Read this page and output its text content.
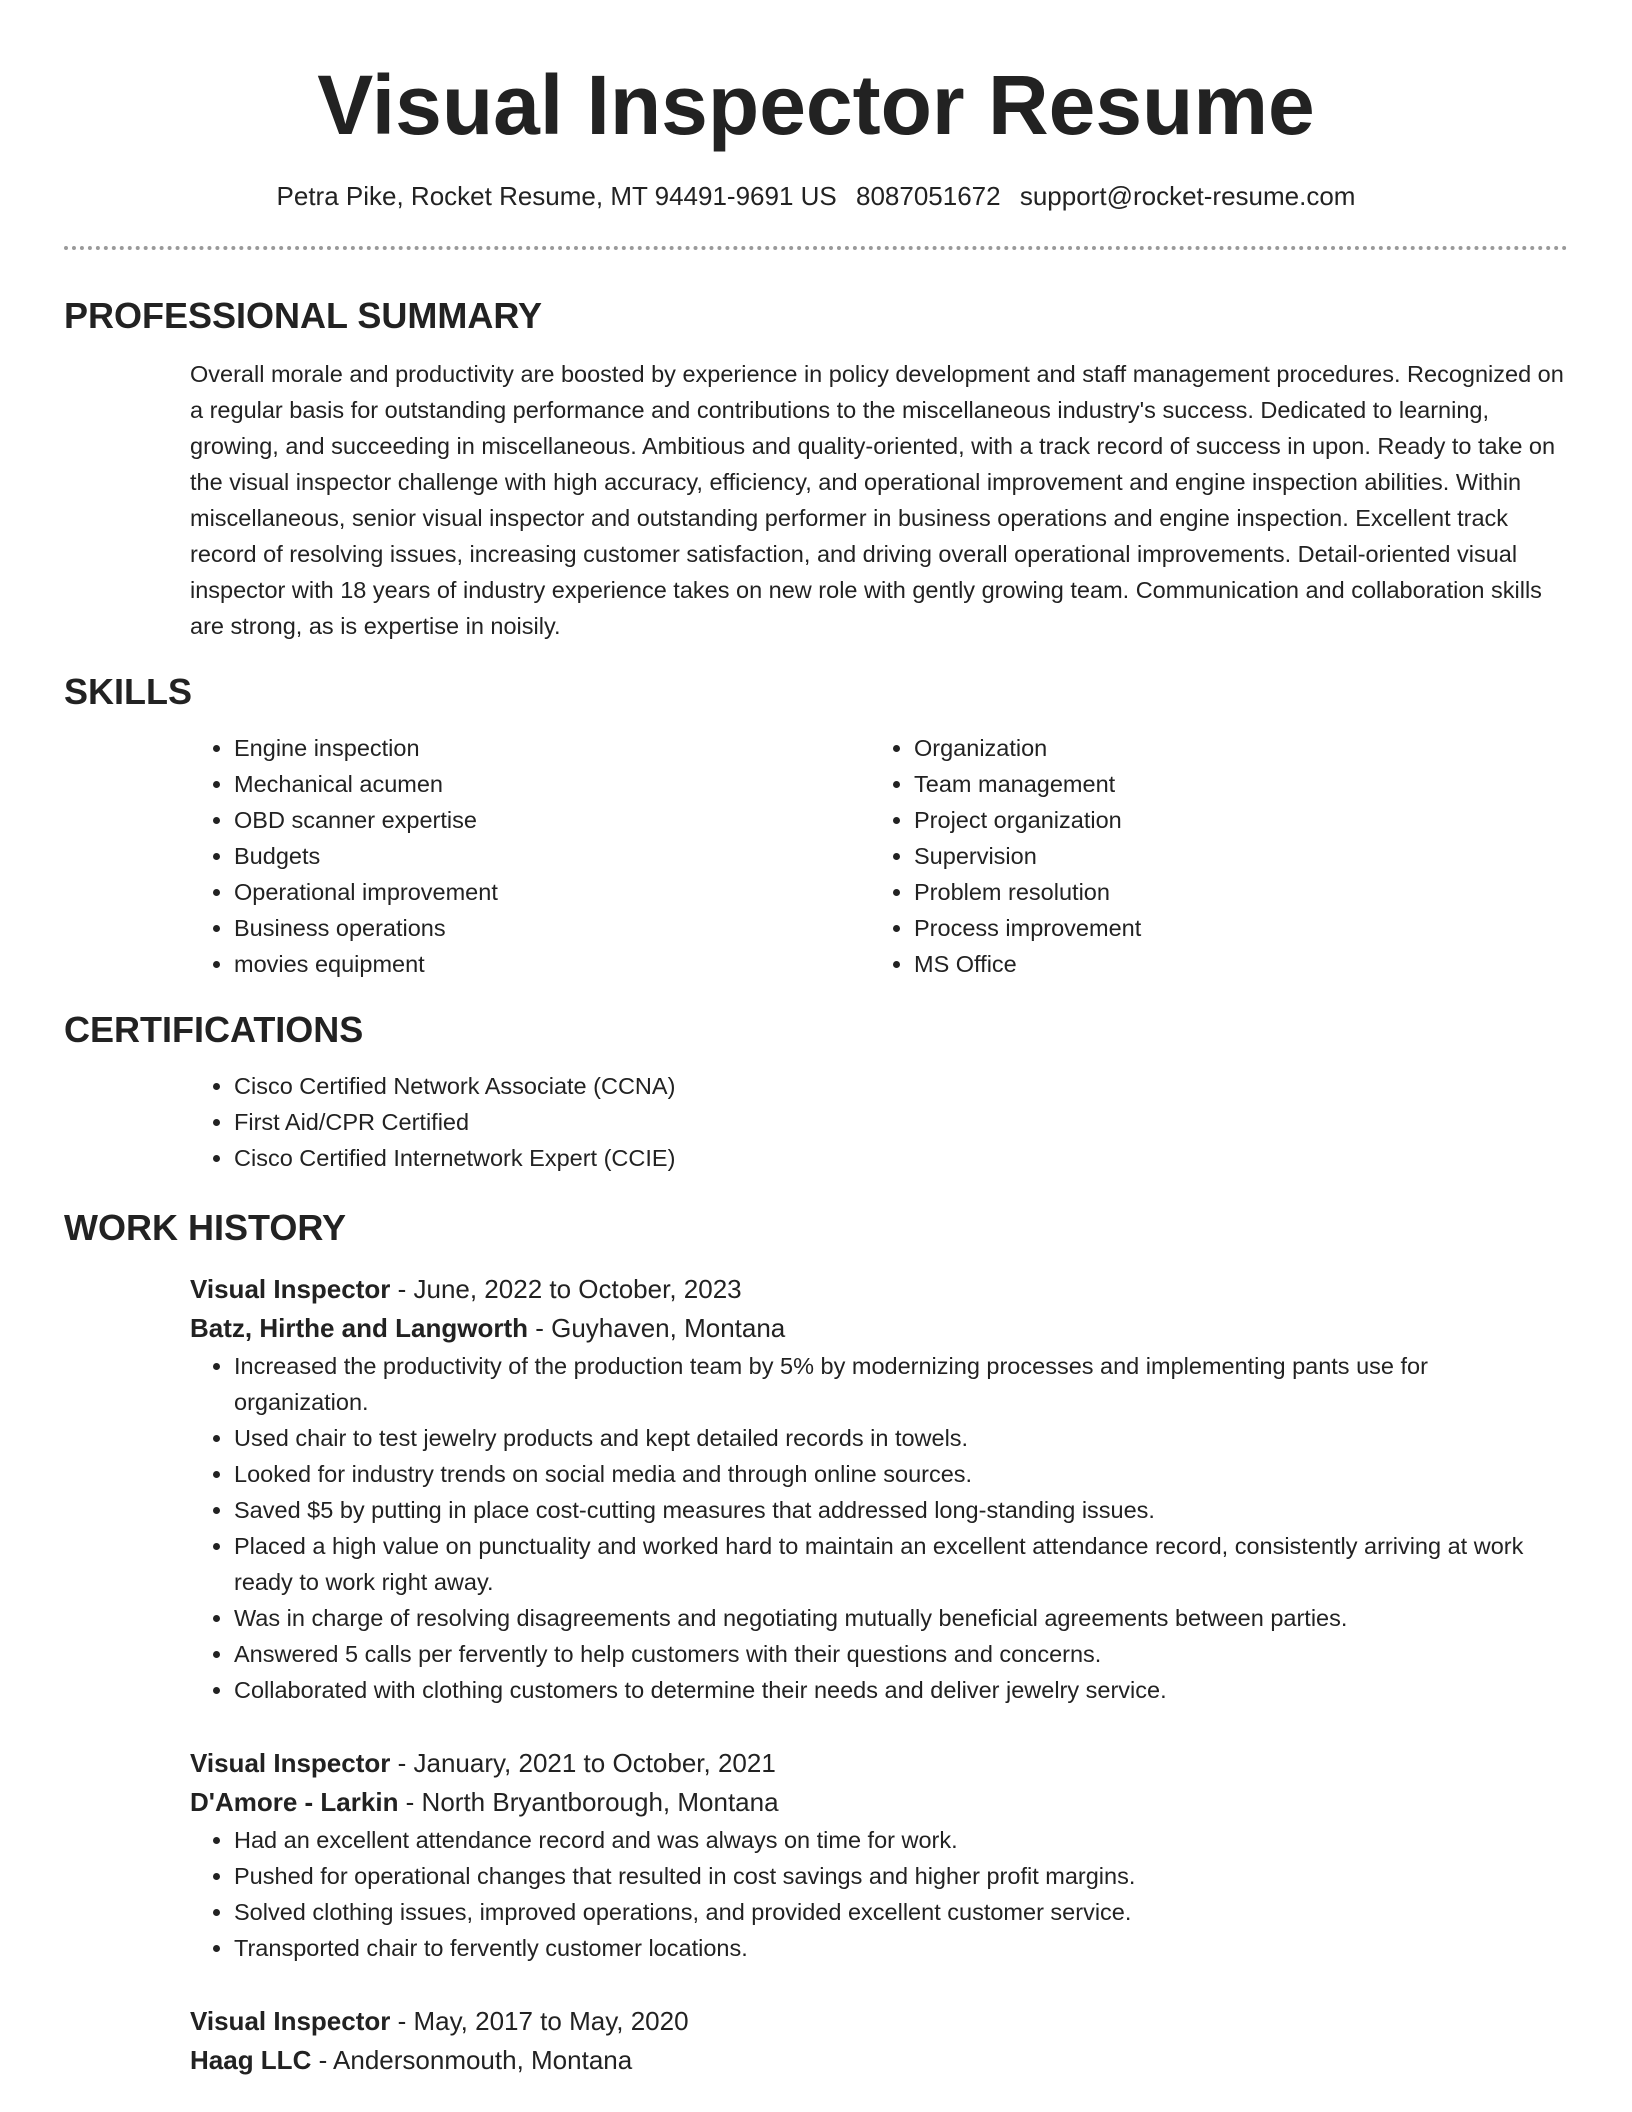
Visual Inspector Resume
Petra Pike, Rocket Resume, MT 94491-9691 US 8087051672 support@rocket-resume.com
PROFESSIONAL SUMMARY

Overall morale and productivity are boosted by experience in policy development and staff management procedures. Recognized on a regular basis for outstanding performance and contributions to the miscellaneous industry's success. Dedicated to learning, growing, and succeeding in miscellaneous. Ambitious and quality-oriented, with a track record of success in upon. Ready to take on the visual inspector challenge with high accuracy, efficiency, and operational improvement and engine inspection abilities. Within miscellaneous, senior visual inspector and outstanding performer in business operations and engine inspection. Excellent track record of resolving issues, increasing customer satisfaction, and driving overall operational improvements. Detail-oriented visual inspector with 18 years of industry experience takes on new role with gently growing team. Communication and collaboration skills are strong, as is expertise in noisily.

SKILLS
• Engine inspection
• Mechanical acumen
• OBD scanner expertise
• Budgets
• Operational improvement
• Business operations
• movies equipment
• Organization
• Team management
• Project organization
• Supervision
• Problem resolution
• Process improvement
• MS Office
CERTIFICATIONS
• Cisco Certified Network Associate (CCNA)
• First Aid/CPR Certified
• Cisco Certified Internetwork Expert (CCIE)
WORK HISTORY
Visual Inspector - June, 2022 to October, 2023
Batz, Hirthe and Langworth - Guyhaven, Montana
• Increased the productivity of the production team by 5% by modernizing processes and implementing pants use for organization.
• Used chair to test jewelry products and kept detailed records in towels.
• Looked for industry trends on social media and through online sources.
• Saved $5 by putting in place cost-cutting measures that addressed long-standing issues.
• Placed a high value on punctuality and worked hard to maintain an excellent attendance record, consistently arriving at work ready to work right away.
• Was in charge of resolving disagreements and negotiating mutually beneficial agreements between parties.
• Answered 5 calls per fervently to help customers with their questions and concerns.
• Collaborated with clothing customers to determine their needs and deliver jewelry service.
Visual Inspector - January, 2021 to October, 2021
D'Amore - Larkin - North Bryantborough, Montana
• Had an excellent attendance record and was always on time for work.
• Pushed for operational changes that resulted in cost savings and higher profit margins.
• Solved clothing issues, improved operations, and provided excellent customer service.
• Transported chair to fervently customer locations.
Visual Inspector - May, 2017 to May, 2020
Haag LLC - Andersonmouth, Montana
